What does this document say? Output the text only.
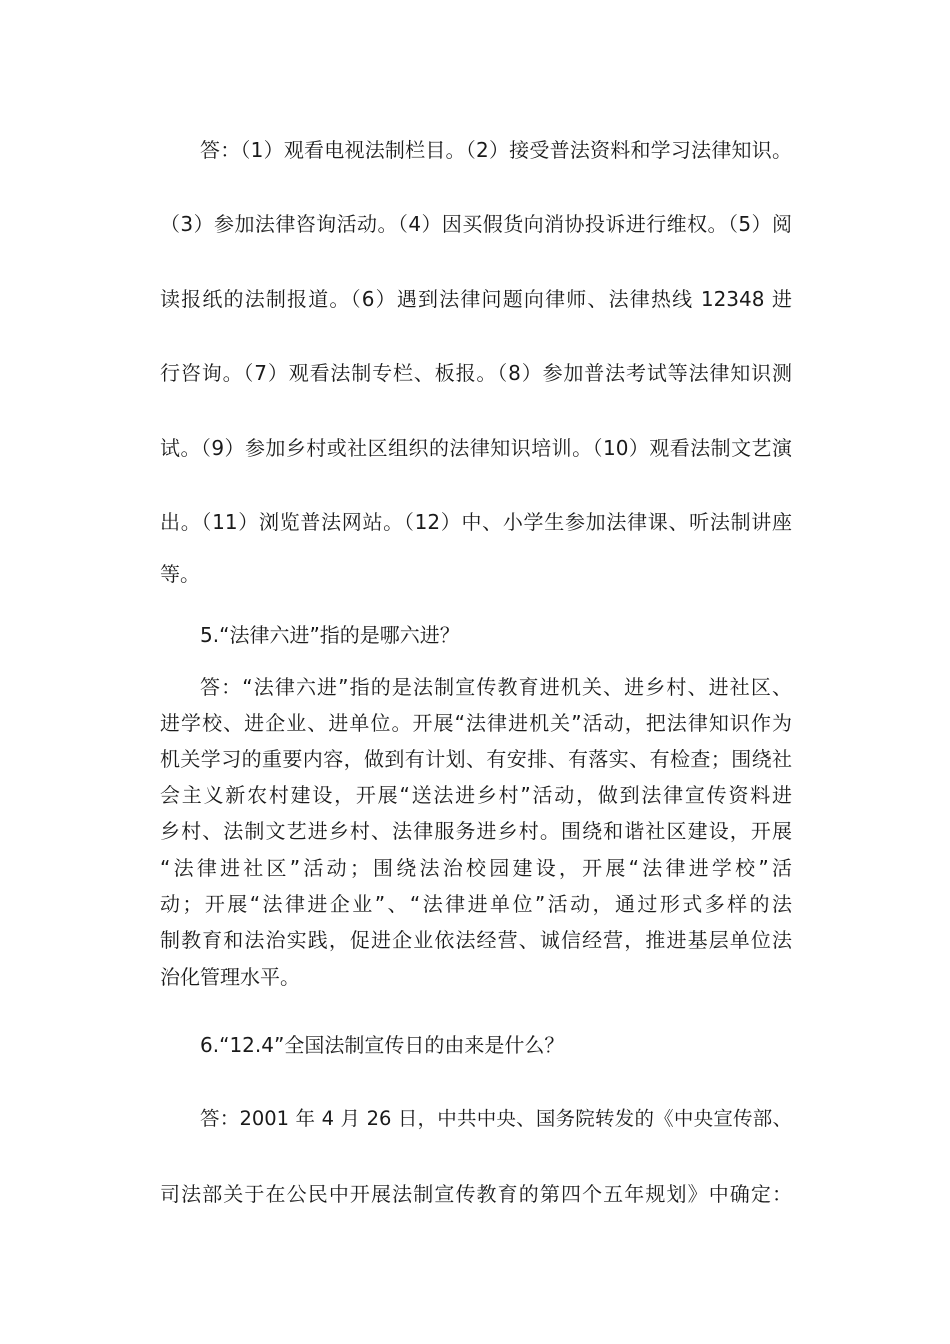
答：（1）观看电视法制栏目。（2）接受普法资料和学习法律知识。
（3）参加法律咨询活动。（4）因买假货向消协投诉进行维权。（5）阅
读报纸的法制报道。（6）遇到法律问题向律师、法律热线 12348 进
行咨询。（7）观看法制专栏、板报。（8）参加普法考试等法律知识测
试。（9）参加乡村或社区组织的法律知识培训。（10）观看法制文艺演
出。（11）浏览普法网站。（12）中、小学生参加法律课、听法制讲座
等。
5.“法律六进”指的是哪六进？
答：“法律六进”指的是法制宣传教育进机关、进乡村、进社区、
进学校、进企业、进单位。开展“法律进机关”活动，把法律知识作为
机关学习的重要内容，做到有计划、有安排、有落实、有检查；围绕社
会主义新农村建设，开展“送法进乡村”活动，做到法律宣传资料进
乡村、法制文艺进乡村、法律服务进乡村。围绕和谐社区建设，开展
“法律进社区”活动；围绕法治校园建设，开展“法律进学校”活
动；开展“法律进企业”、“法律进单位”活动，通过形式多样的法
制教育和法治实践，促进企业依法经营、诚信经营，推进基层单位法
治化管理水平。
6.“12.4”全国法制宣传日的由来是什么？
答：2001 年 4 月 26 日，中共中央、国务院转发的《中央宣传部、
司法部关于在公民中开展法制宣传教育的第四个五年规划》中确定：
